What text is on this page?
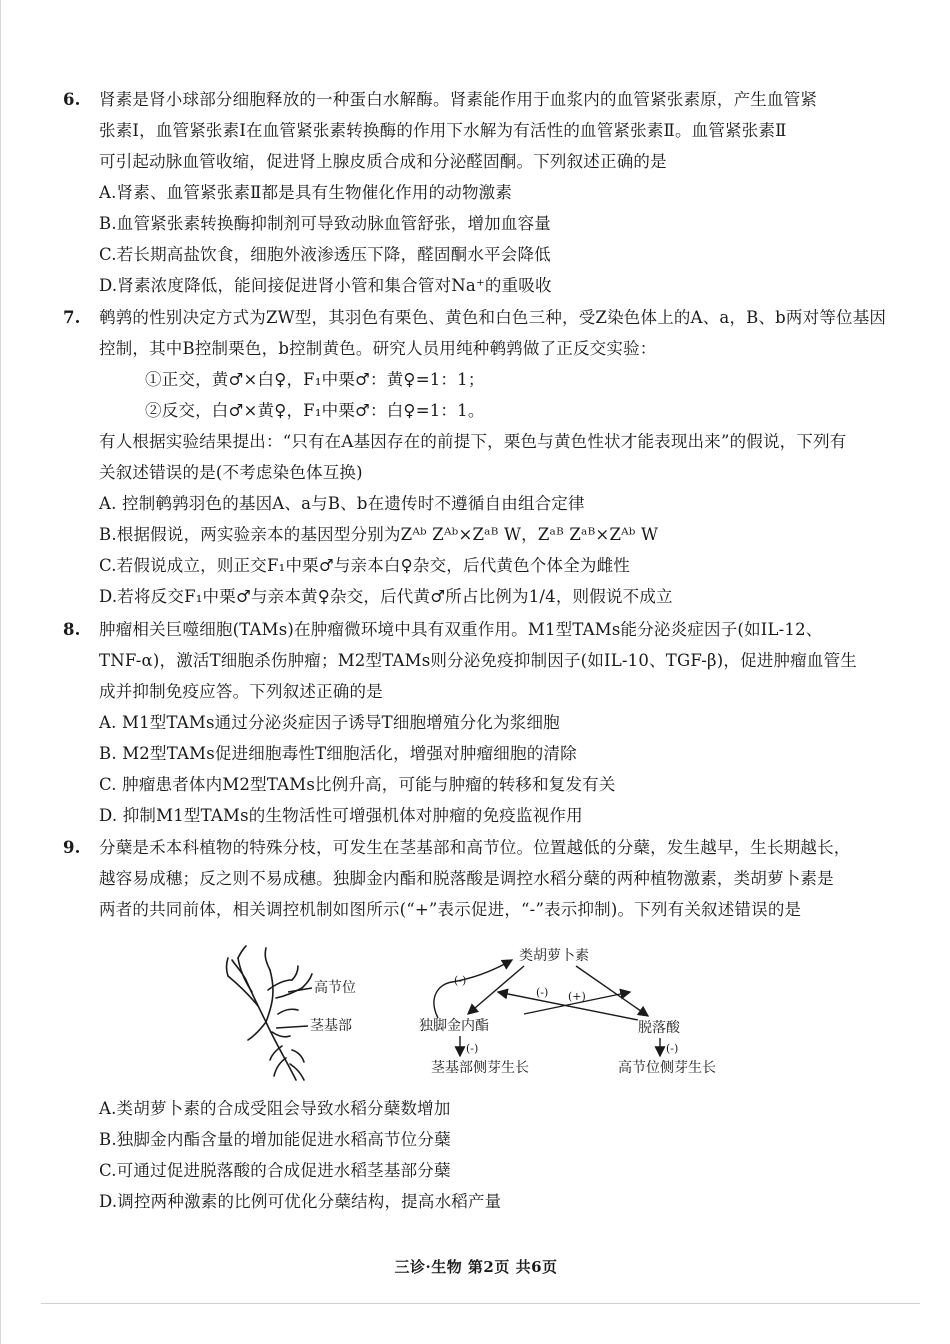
6.	肾素是肾小球部分细胞释放的一种蛋白水解酶。肾素能作用于血浆内的血管紧张素原，产生血管紧
张素Ⅰ，血管紧张素Ⅰ在血管紧张素转换酶的作用下水解为有活性的血管紧张素Ⅱ。血管紧张素Ⅱ
可引起动脉血管收缩，促进肾上腺皮质合成和分泌醛固酮。下列叙述正确的是
A.肾素、血管紧张素Ⅱ都是具有生物催化作用的动物激素
B.血管紧张素转换酶抑制剂可导致动脉血管舒张，增加血容量
C.若长期高盐饮食，细胞外液渗透压下降，醛固酮水平会降低
D.肾素浓度降低，能间接促进肾小管和集合管对Na⁺的重吸收
7.	鹌鹑的性别决定方式为ZW型，其羽色有栗色、黄色和白色三种，受Z染色体上的A、a，B、b两对等位基因
控制，其中B控制栗色，b控制黄色。研究人员用纯种鹌鹑做了正反交实验：
①正交，黄♂×白♀，F₁中栗♂：黄♀=1：1；
②反交，白♂×黄♀，F₁中栗♂：白♀=1：1。
有人根据实验结果提出：“只有在A基因存在的前提下，栗色与黄色性状才能表现出来”的假说，下列有
关叙述错误的是(不考虑染色体互换)
A. 控制鹌鹑羽色的基因A、a与B、b在遗传时不遵循自由组合定律
B.根据假说，两实验亲本的基因型分别为Zᴬᵇ Zᴬᵇ×Zᵃᴮ W，Zᵃᴮ Zᵃᴮ×Zᴬᵇ W
C.若假说成立，则正交F₁中栗♂与亲本白♀杂交，后代黄色个体全为雌性
D.若将反交F₁中栗♂与亲本黄♀杂交，后代黄♂所占比例为1/4，则假说不成立
8.	肿瘤相关巨噬细胞(TAMs)在肿瘤微环境中具有双重作用。M1型TAMs能分泌炎症因子(如IL-12、
TNF-α)，激活T细胞杀伤肿瘤；M2型TAMs则分泌免疫抑制因子(如IL-10、TGF-β)，促进肿瘤血管生
成并抑制免疫应答。下列叙述正确的是
A. M1型TAMs通过分泌炎症因子诱导T细胞增殖分化为浆细胞
B. M2型TAMs促进细胞毒性T细胞活化，增强对肿瘤细胞的清除
C. 肿瘤患者体内M2型TAMs比例升高，可能与肿瘤的转移和复发有关
D. 抑制M1型TAMs的生物活性可增强机体对肿瘤的免疫监视作用
9.	分蘖是禾本科植物的特殊分枝，可发生在茎基部和高节位。位置越低的分蘖，发生越早，生长期越长，
越容易成穗；反之则不易成穗。独脚金内酯和脱落酸是调控水稻分蘖的两种植物激素，类胡萝卜素是
两者的共同前体，相关调控机制如图所示(“+”表示促进，“-”表示抑制)。下列有关叙述错误的是
高节位
茎基部
类胡萝卜素
独脚金内酯	脱落酸
茎基部侧芽生长	高节位侧芽生长
(-)
(-) (+)
(-)	(-)
A.类胡萝卜素的合成受阻会导致水稻分蘖数增加
B.独脚金内酯含量的增加能促进水稻高节位分蘖
C.可通过促进脱落酸的合成促进水稻茎基部分蘖
D.调控两种激素的比例可优化分蘖结构，提高水稻产量
三诊·生物 第2页 共6页
